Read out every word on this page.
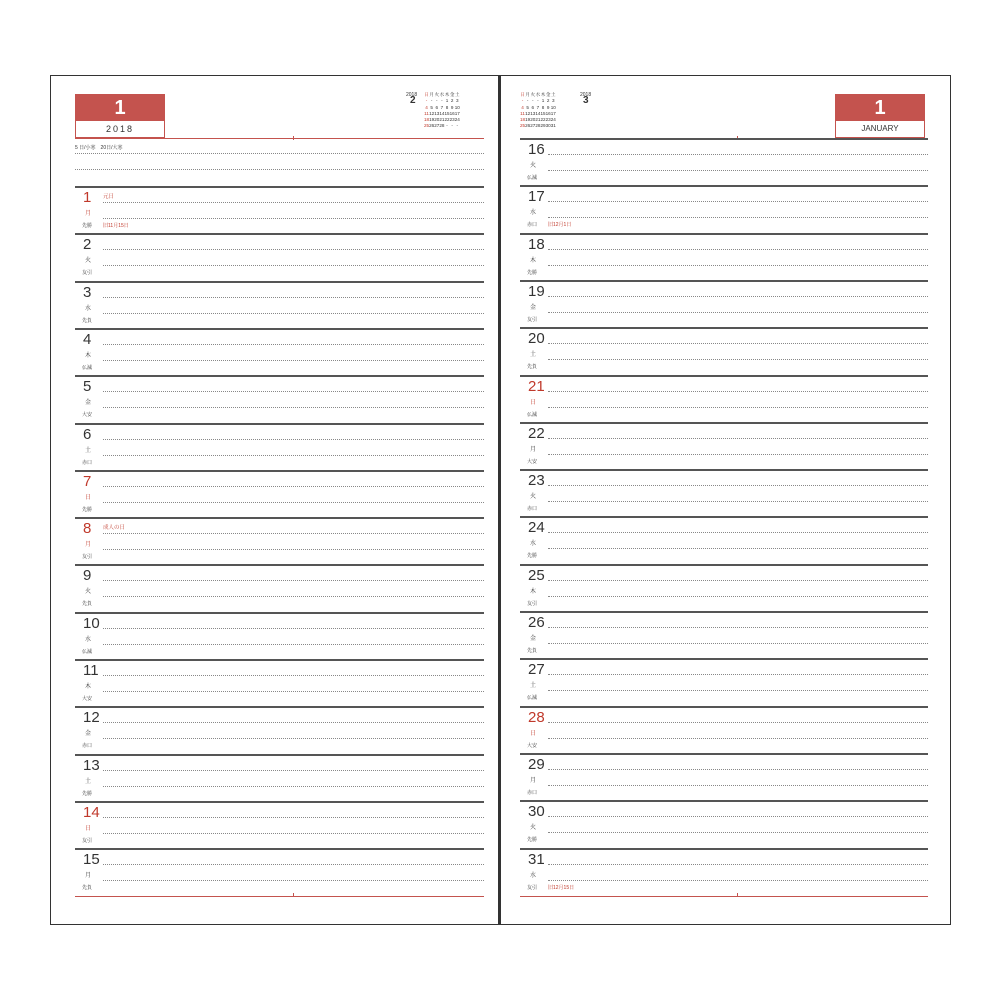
1
2018
2018
2
日	月	火	水	木	金	土
-	-	-	-	1	2	3
4	5	6	7	8	9	10
11	12	13	14	15	16	17
18	19	20	21	22	23	24
25	26	27	28	-	-	-
5 日/小寒　20日/大寒
1
月
先勝
元日
旧11月15日
2
火
友引
3
水
先負
4
木
仏滅
5
金
大安
6
土
赤口
7
日
先勝
8
月
友引
成人の日
9
火
先負
10
水
仏滅
11
木
大安
12
金
赤口
13
土
先勝
14
日
友引
15
月
先負
日	月	火	水	木	金	土
-	-	-	-	1	2	3
4	5	6	7	8	9	10
11	12	13	14	15	16	17
18	19	20	21	22	23	24
25	26	27	28	29	30	31
2018
3	1
JANUARY
16
火
仏滅
17
水
赤口 旧12月1日
18
木
先勝
19
金
友引
20
土
先負
21
日
仏滅
22
月
大安
23
火
赤口
24
水
先勝
25
木
友引
26
金
先負
27
土
仏滅
28
日
大安
29
月
赤口
30
火
先勝
31
水
友引 旧12月15日
